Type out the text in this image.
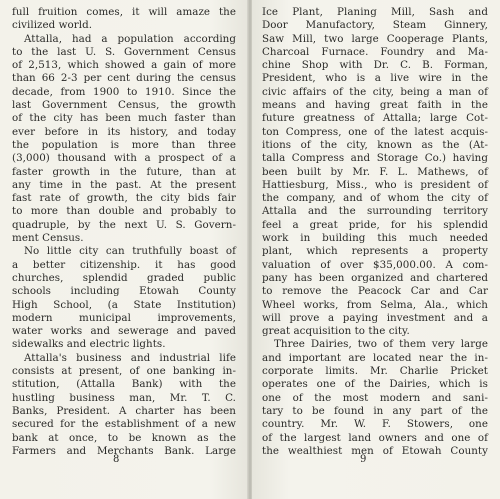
full fruition comes, it will amaze the
civilized world.
Attalla, had a population according
to the last U. S. Government Census
of 2,513, which showed a gain of more
than 66 2-3 per cent during the census
decade, from 1900 to 1910. Since the
last Government Census, the growth
of the city has been much faster than
ever before in its history, and today
the population is more than three
(3,000) thousand with a prospect of a
faster growth in the future, than at
any time in the past. At the present
fast rate of growth, the city bids fair
to more than double and probably to
quadruple, by the next U. S. Govern-
ment Census.
No little city can truthfully boast of
a better citizenship. it has good
churches, splendid graded public
schools including Etowah County
High School, (a State Institution)
modern municipal improvements,
water works and sewerage and paved
sidewalks and electric lights.
Attalla's business and industrial life
consists at present, of one banking in-
stitution, (Attalla Bank) with the
hustling business man, Mr. T. C.
Banks, President. A charter has been
secured for the establishment of a new
bank at once, to be known as the
Farmers and Merchants Bank. Large
8
Ice Plant, Planing Mill, Sash and
Door Manufactory, Steam Ginnery,
Saw Mill, two large Cooperage Plants,
Charcoal Furnace. Foundry and Ma-
chine Shop with Dr. C. B. Forman,
President, who is a live wire in the
civic affairs of the city, being a man of
means and having great faith in the
future greatness of Attalla; large Cot-
ton Compress, one of the latest acquis-
itions of the city, known as the (At-
talla Compress and Storage Co.) having
been built by Mr. F. L. Mathews, of
Hattiesburg, Miss., who is president of
the company, and of whom the city of
Attalla and the surrounding territory
feel a great pride, for his splendid
work in building this much needed
plant, which represents a property
valuation of over $35,000.00. A com-
pany has been organized and chartered
to remove the Peacock Car and Car
Wheel works, from Selma, Ala., which
will prove a paying investment and a
great acquisition to the city.
Three Dairies, two of them very large
and important are located near the in-
corporate limits. Mr. Charlie Pricket
operates one of the Dairies, which is
one of the most modern and sani-
tary to be found in any part of the
country. Mr. W. F. Stowers, one
of the largest land owners and one of
the wealthiest men of Etowah County
9
